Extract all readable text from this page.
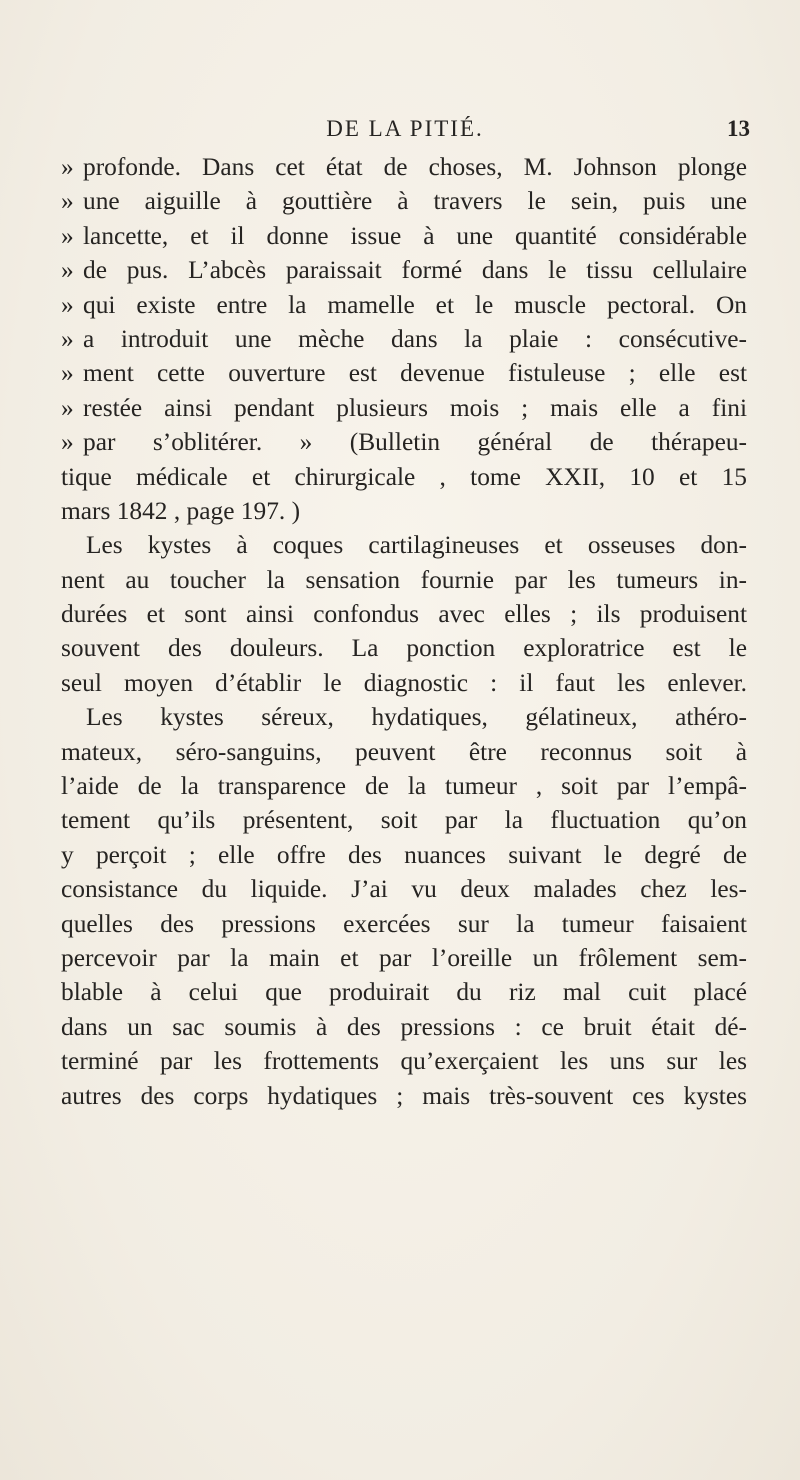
DE LA PITIÉ.	13
» profonde. Dans cet état de choses, M. Johnson plonge
» une aiguille à gouttière à travers le sein, puis une
» lancette, et il donne issue à une quantité considérable
» de pus. L’abcès paraissait formé dans le tissu cellulaire
» qui existe entre la mamelle et le muscle pectoral. On
» a introduit une mèche dans la plaie : consécutive-
» ment cette ouverture est devenue fistuleuse ; elle est
» restée ainsi pendant plusieurs mois ; mais elle a fini
» par s’oblitérer. » (Bulletin général de thérapeu-
tique médicale et chirurgicale , tome XXII, 10 et 15
mars 1842 , page 197. )
Les kystes à coques cartilagineuses et osseuses don-
nent au toucher la sensation fournie par les tumeurs in-
durées et sont ainsi confondus avec elles ; ils produisent
souvent des douleurs. La ponction exploratrice est le
seul moyen d’établir le diagnostic : il faut les enlever.
Les kystes séreux, hydatiques, gélatineux, athéro-
mateux, séro-sanguins, peuvent être reconnus soit à
l’aide de la transparence de la tumeur , soit par l’empâ-
tement qu’ils présentent, soit par la fluctuation qu’on
y perçoit ; elle offre des nuances suivant le degré de
consistance du liquide. J’ai vu deux malades chez les-
quelles des pressions exercées sur la tumeur faisaient
percevoir par la main et par l’oreille un frôlement sem-
blable à celui que produirait du riz mal cuit placé
dans un sac soumis à des pressions : ce bruit était dé-
terminé par les frottements qu’exerçaient les uns sur les
autres des corps hydatiques ; mais très-souvent ces kystes
